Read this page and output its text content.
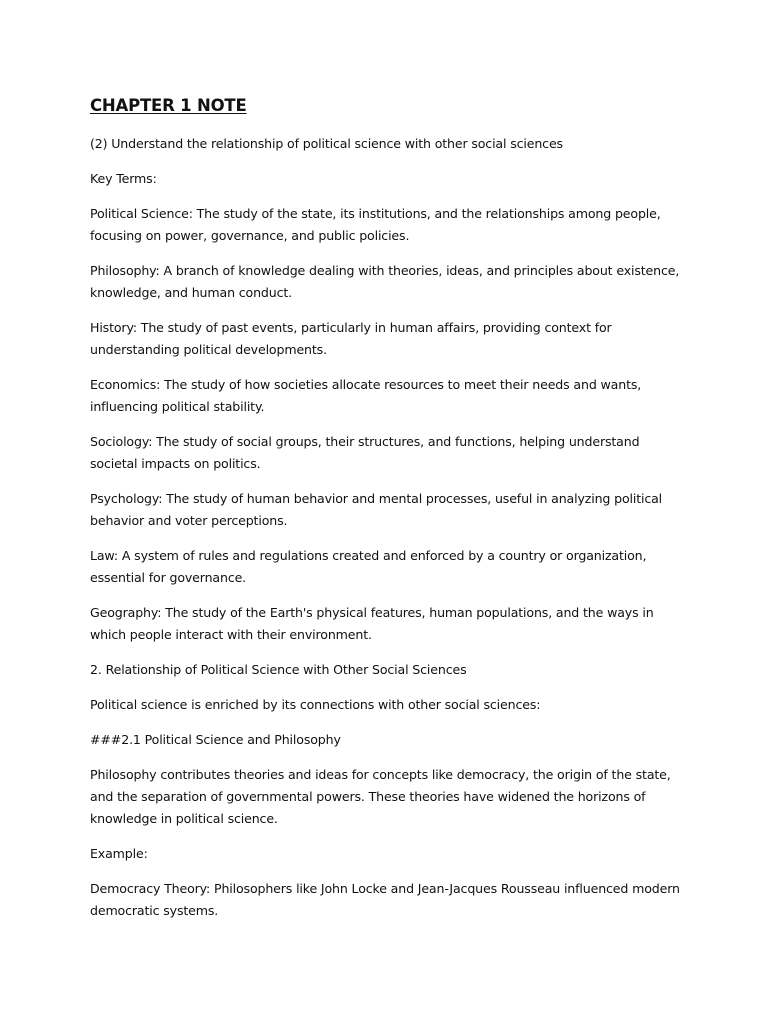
CHAPTER 1 NOTE

(2) Understand the relationship of political science with other social sciences

Key Terms:

Political Science: The study of the state, its institutions, and the relationships among people, focusing on power, governance, and public policies.

Philosophy: A branch of knowledge dealing with theories, ideas, and principles about existence, knowledge, and human conduct.

History: The study of past events, particularly in human affairs, providing context for understanding political developments.

Economics: The study of how societies allocate resources to meet their needs and wants, influencing political stability.

Sociology: The study of social groups, their structures, and functions, helping understand societal impacts on politics.

Psychology: The study of human behavior and mental processes, useful in analyzing political behavior and voter perceptions.

Law: A system of rules and regulations created and enforced by a country or organization, essential for governance.

Geography: The study of the Earth's physical features, human populations, and the ways in which people interact with their environment.

2. Relationship of Political Science with Other Social Sciences

Political science is enriched by its connections with other social sciences:

###2.1 Political Science and Philosophy

Philosophy contributes theories and ideas for concepts like democracy, the origin of the state, and the separation of governmental powers. These theories have widened the horizons of knowledge in political science.

Example:

Democracy Theory: Philosophers like John Locke and Jean-Jacques Rousseau influenced modern democratic systems.
